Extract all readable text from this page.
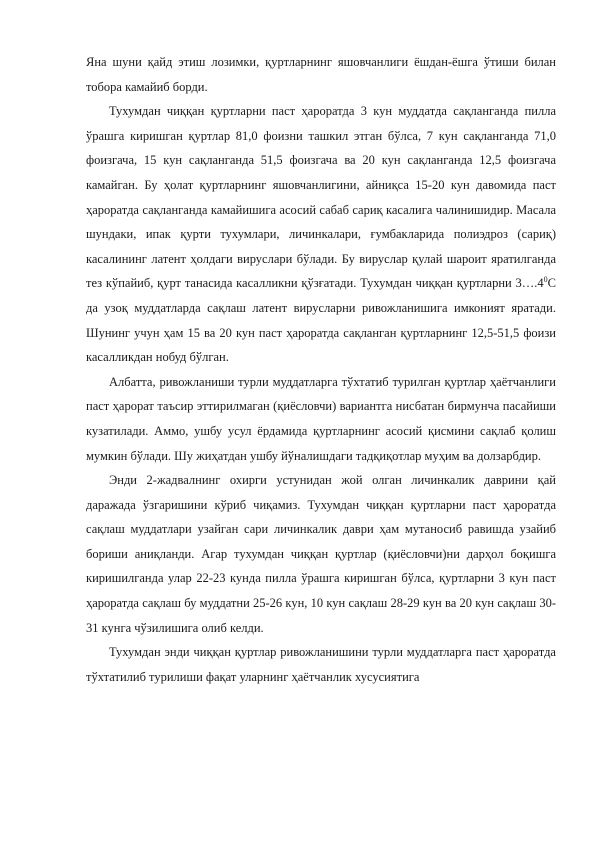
Яна шуни қайд этиш лозимки, қуртларнинг яшовчанлиги ёшдан-ёшга ўтиши билан тобора камайиб борди.

Тухумдан чиққан қуртларни паст ҳароратда 3 кун муддатда сақланганда пилла ўрашга киришган қуртлар 81,0 фоизни ташкил этган бўлса, 7 кун сақланганда 71,0 фоизгача, 15 кун сақланганда 51,5 фоизгача ва 20 кун сақланганда 12,5 фоизгача камайган. Бу ҳолат қуртларнинг яшовчанлигини, айниқса 15-20 кун давомида паст ҳароратда сақланганда камайишига асосий сабаб сариқ касалига чалинишидир. Масала шундаки, ипак қурти тухумлари, личинкалари, ғумбакларида полиэдроз (сариқ) касалининг латент ҳолдаги вируслари бўлади. Бу вируслар қулай шароит яратилганда тез кўпайиб, қурт танасида касалликни қўзғатади. Тухумдан чиққан қуртларни $3\dots.4^0С$ да узоқ муддатларда сақлаш латент вирусларни ривожланишига имконият яратади. Шунинг учун ҳам 15 ва 20 кун паст ҳароратда сақланган қуртларнинг 12,5-51,5 фоизи касалликдан нобуд бўлган.

Албатта, ривожланиши турли муддатларга тўхтатиб турилган қуртлар ҳаётчанлиги паст ҳарорат таъсир эттирилмаган (қиёсловчи) вариантга нисбатан бирмунча пасайиши кузатилади. Аммо, ушбу усул ёрдамида қуртларнинг асосий қисмини сақлаб қолиш мумкин бўлади. Шу жиҳатдан ушбу йўналишдаги тадқиқотлар муҳим ва долзарбдир.

Энди 2-жадвалнинг охирги устунидан жой олган личинкалик даврини қай даражада ўзгаришини кўриб чиқамиз. Тухумдан чиққан қуртларни паст ҳароратда сақлаш муддатлари узайган сари личинкалик даври ҳам мутаносиб равишда узайиб бориши аниқланди. Агар тухумдан чиққан қуртлар (қиёсловчи)ни дарҳол боқишга киришилганда улар 22-23 кунда пилла ўрашга киришган бўлса, қуртларни 3 кун паст ҳароратда сақлаш бу муддатни 25-26 кун, 10 кун сақлаш 28-29 кун ва 20 кун сақлаш 30-31 кунга чўзилишига олиб келди.

Тухумдан энди чиққан қуртлар ривожланишини турли муддатларга паст ҳароратда тўхтатилиб турилиши фақат уларнинг ҳаётчанлик хусусиятига
